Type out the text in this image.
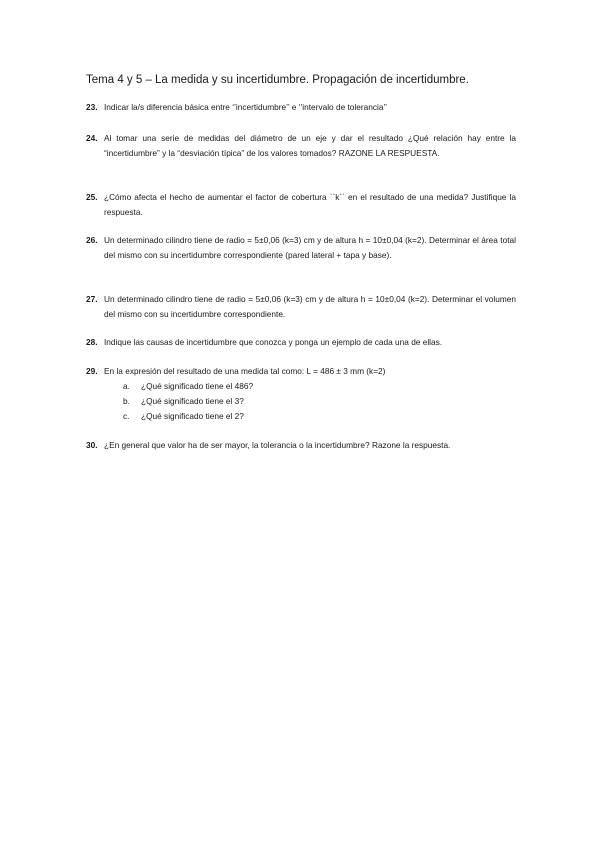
Tema 4 y 5 – La medida y su incertidumbre. Propagación de incertidumbre.
23. Indicar la/s diferencia básica entre ‘’incertidumbre’’ e ‘’intervalo de tolerancia’’
24. Al tomar una serie de medidas del diámetro de un eje y dar el resultado ¿Qué relación hay entre la “incertidumbre” y la “desviación típica” de los valores tomados? RAZONE LA RESPUESTA.
25. ¿Cómo afecta el hecho de aumentar el factor de cobertura ``k´´ en el resultado de una medida? Justifique la respuesta.
26. Un determinado cilindro tiene de radio = 5±0,06 (k=3) cm y de altura h = 10±0,04 (k=2). Determinar el área total del mismo con su incertidumbre correspondiente (pared lateral + tapa y base).
27. Un determinado cilindro tiene de radio = 5±0,06 (k=3) cm y de altura h = 10±0,04 (k=2). Determinar el volumen del mismo con su incertidumbre correspondiente.
28. Indique las causas de incertidumbre que conozca y ponga un ejemplo de cada una de ellas.
29. En la expresión del resultado de una medida tal como: L = 486 ± 3 mm (k=2)
a. ¿Qué significado tiene el 486?
b. ¿Qué significado tiene el 3?
c. ¿Qué significado tiene el 2?
30. ¿En general que valor ha de ser mayor, la tolerancia o la incertidumbre? Razone la respuesta.
